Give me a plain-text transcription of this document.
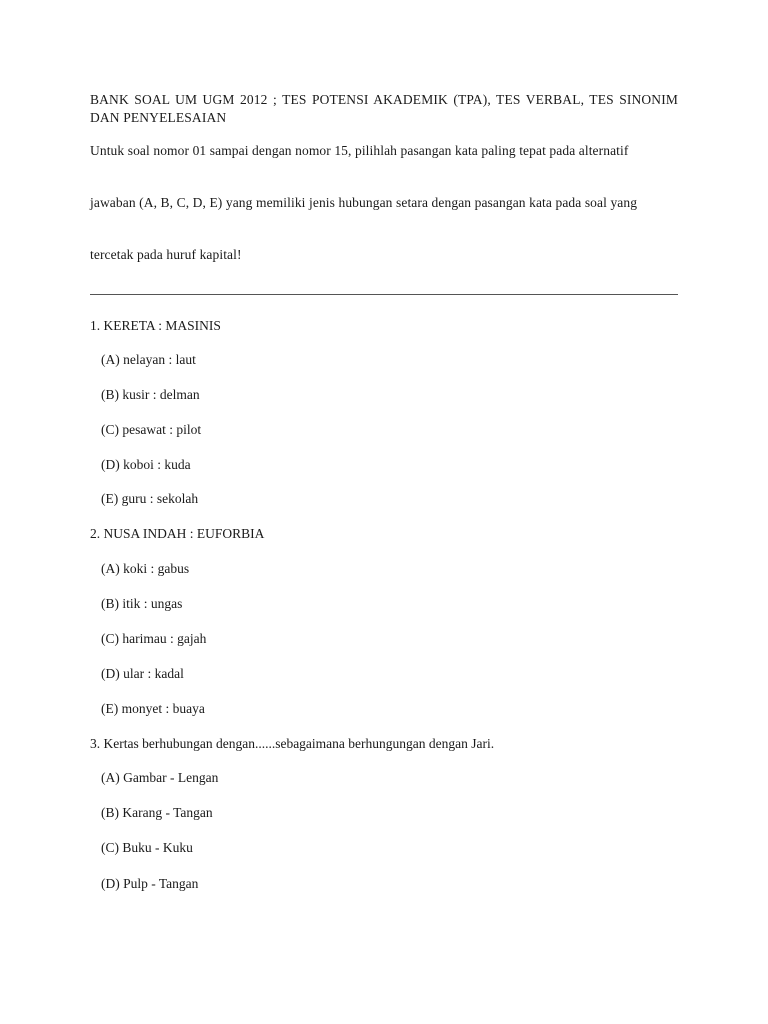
BANK SOAL UM UGM 2012 ; TES POTENSI AKADEMIK (TPA), TES VERBAL, TES SINONIM DAN PENYELESAIAN
Untuk soal nomor 01 sampai dengan nomor 15, pilihlah pasangan kata paling tepat pada alternatif
jawaban (A, B, C, D, E) yang memiliki jenis hubungan setara dengan pasangan kata pada soal yang
tercetak pada huruf kapital!
1. KERETA : MASINIS
(A) nelayan : laut
(B) kusir : delman
(C) pesawat : pilot
(D) koboi : kuda
(E) guru : sekolah
2. NUSA INDAH : EUFORBIA
(A) koki : gabus
(B) itik : ungas
(C) harimau : gajah
(D) ular : kadal
(E) monyet : buaya
3. Kertas berhubungan dengan......sebagaimana berhungungan dengan Jari.
(A) Gambar - Lengan
(B) Karang - Tangan
(C) Buku - Kuku
(D) Pulp - Tangan
